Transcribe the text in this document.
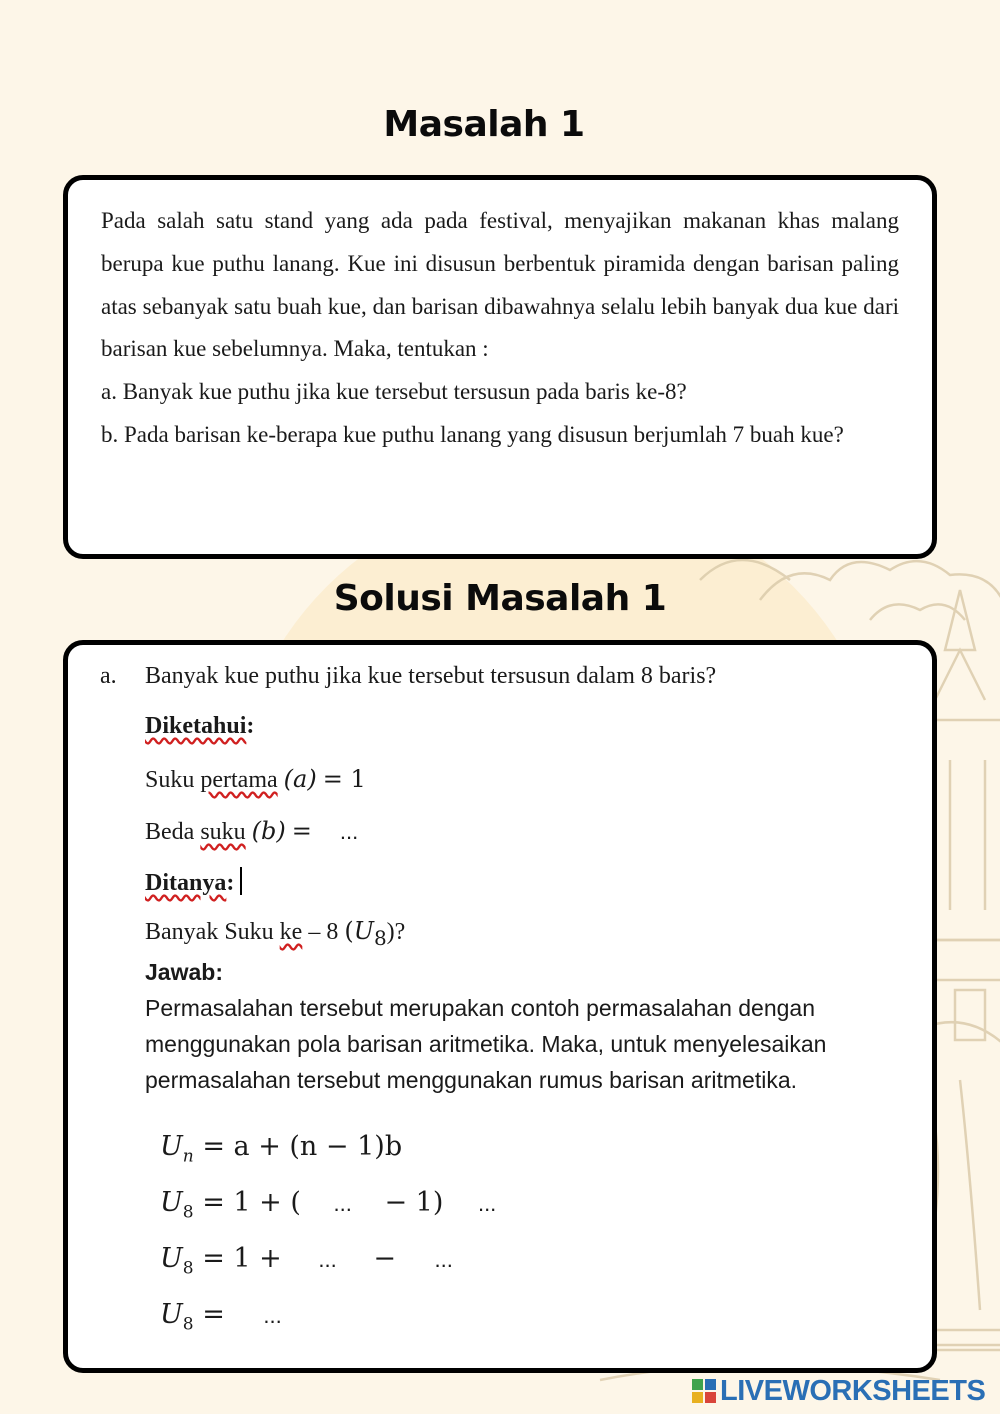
Masalah 1

Pada salah satu stand yang ada pada festival, menyajikan makanan khas malang berupa kue puthu lanang. Kue ini disusun berbentuk piramida dengan barisan paling atas sebanyak satu buah kue, dan barisan dibawahnya selalu lebih banyak dua kue dari barisan kue sebelumnya. Maka, tentukan :

a. Banyak kue puthu jika kue tersebut tersusun pada baris ke-8?

b. Pada barisan ke-berapa kue puthu lanang yang disusun berjumlah 7 buah kue?

Solusi Masalah 1
a. Banyak kue puthu jika kue tersebut tersusun dalam 8 baris?
Diketahui:
Suku pertama (a) = 1
Beda suku (b) = ...
Ditanya:
Banyak Suku ke – 8 $(U_8)$?
Jawab:
Permasalahan tersebut merupakan contoh permasalahan dengan
menggunakan pola barisan aritmetika. Maka, untuk menyelesaikan
permasalahan tersebut menggunakan rumus barisan aritmetika.
$U_n = a + (n - 1)b$
$U_8 = 1$ + ( ... − 1) ...
$U_8 = 1$ + ... − ...
$U_8$ = ...
LIVEWORKSHEETS
